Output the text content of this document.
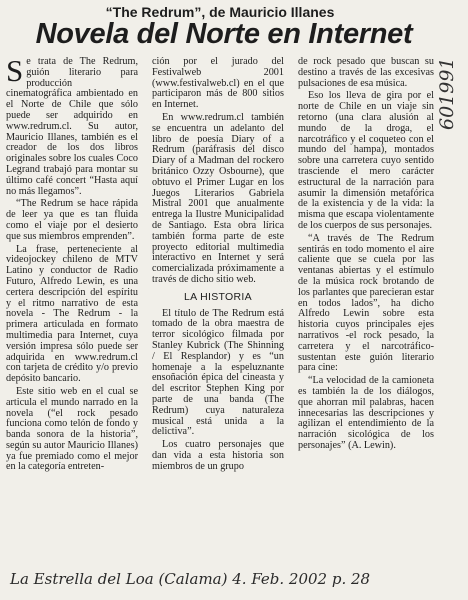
“The Redrum”, de Mauricio Illanes
Novela del Norte en Internet
601991

Se trata de The Redrum, guión literario para producción cinematográfica ambientado en el Norte de Chile que sólo puede ser adquirido en www.redrum.cl. Su autor, Mauricio Illanes, también es el creador de los dos libros originales sobre los cuales Coco Legrand trabajó para montar su último café concert “Hasta aquí no más llegamos”.

“The Redrum se hace rápida de leer ya que es tan fluida como el viaje por el desierto que sus miembros emprenden”.

La frase, perteneciente al videojockey chileno de MTV Latino y conductor de Radio Futuro, Alfredo Lewin, es una certera descripción del espíritu y el ritmo narrativo de esta novela - The Redrum - la primera articulada en formato multimedia para Internet, cuya versión impresa sólo puede ser adquirida en www.redrum.cl con tarjeta de crédito y/o previo depósito bancario.

Este sitio web en el cual se articula el mundo narrado en la novela (“el rock pesado funciona como telón de fondo y banda sonora de la historia”, según su autor Mauricio Illanes) ya fue premiado como el mejor en la categoría entreten-

ción por el jurado del Festivalweb 2001 (www.festivalweb.cl) en el que participaron más de 800 sitios en Internet.

En www.redrum.cl también se encuentra un adelanto del libro de poesía Diary of a Redrum (paráfrasis del disco Diary of a Madman del rockero británico Ozzy Osbourne), que obtuvo el Primer Lugar en los Juegos Literarios Gabriela Mistral 2001 que anualmente entrega la Ilustre Municipalidad de Santiago. Esta obra lírica también forma parte de este proyecto editorial multimedia interactivo en Internet y será comercializada próximamente a través de dicho sitio web.

LA HISTORIA

El título de The Redrum está tomado de la obra maestra de terror sicológico filmada por Stanley Kubrick (The Shinning / El Resplandor) y es “un homenaje a la espeluznante ensoñación épica del cineasta y del escritor Stephen King por parte de una banda (The Redrum) cuya naturaleza musical está unida a la delictiva”.

Los cuatro personajes que dan vida a esta historia son miembros de un grupo

de rock pesado que buscan su destino a través de las excesivas pulsaciones de esa música.

Eso los lleva de gira por el norte de Chile en un viaje sin retorno (una clara alusión al mundo de la droga, el narcotráfico y el coqueteo con el mundo del hampa), montados sobre una carretera cuyo sentido trasciende el mero carácter estructural de la narración para asumir la dimensión metafórica de la existencia y de la vida: la misma que escapa violentamente de los cuerpos de sus personajes.

“A través de The Redrum sentirás en todo momento el aire caliente que se cuela por las ventanas abiertas y el estímulo de la música rock brotando de los parlantes que parecieran estar en todos lados”, ha dicho Alfredo Lewin sobre esta historia cuyos principales ejes narrativos -el rock pesado, la carretera y el narcotráfico- sustentan este guión literario para cine:

“La velocidad de la camioneta es también la de los diálogos, que ahorran mil palabras, hacen innecesarias las descripciones y agilizan el entendimiento de la narración sicológica de los personajes” (A. Lewin).

La Estrella del Loa (Calama) 4. Feb. 2002 p. 28
